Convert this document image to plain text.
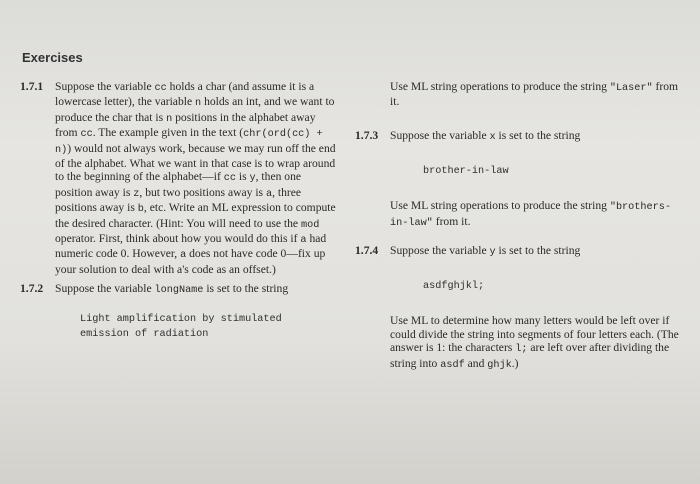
Exercises
1.7.1	Suppose the variable cc holds a char (and assume it is a lowercase letter), the variable n holds an int, and we want to produce the char that is n positions in the alphabet away from cc. The example given in the text (chr(ord(cc) + n)) would not always work, because we may run off the end of the alphabet. What we want in that case is to wrap around to the beginning of the alphabet—if cc is y, then one position away is z, but two positions away is a, three positions away is b, etc. Write an ML expression to compute the desired character. (Hint: You will need to use the mod operator. First, think about how you would do this if a had numeric code 0. However, a does not have code 0—fix up your solution to deal with a's code as an offset.)
1.7.2	Suppose the variable longName is set to the string
Light amplification by stimulated
emission of radiation
Use ML string operations to produce the string "Laser" from it.
1.7.3	Suppose the variable x is set to the string
brother-in-law
Use ML string operations to produce the string "brothers-in-law" from it.
1.7.4	Suppose the variable y is set to the string
asdfghjkl;
Use ML to determine how many letters would be left over if could divide the string into segments of four letters each. (The answer is 1: the characters l; are left over after dividing the string into asdf and ghjk.)
